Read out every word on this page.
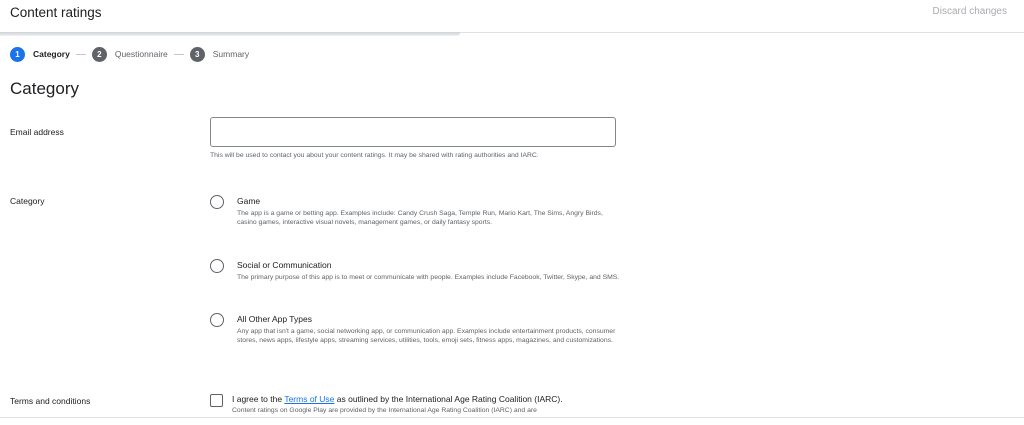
Content ratings	Discard changes
1	Category	2	Questionnaire	3	Summary
Category
Email address
This will be used to contact you about your content ratings. It may be shared with rating authorities and IARC.
Category	Game
The app is a game or betting app. Examples include: Candy Crush Saga, Temple Run, Mario Kart, The Sims, Angry Birds, casino games, interactive visual novels, management games, or daily fantasy sports.
Social or Communication
The primary purpose of this app is to meet or communicate with people. Examples include Facebook, Twitter, Skype, and SMS.
All Other App Types
Any app that isn't a game, social networking app, or communication app. Examples include entertainment products, consumer stores, news apps, lifestyle apps, streaming services, utilities, tools, emoji sets, fitness apps, magazines, and customizations.
Terms and conditions	I agree to the Terms of Use as outlined by the International Age Rating Coalition (IARC).
Content ratings on Google Play are provided by the International Age Rating Coalition (IARC) and are
